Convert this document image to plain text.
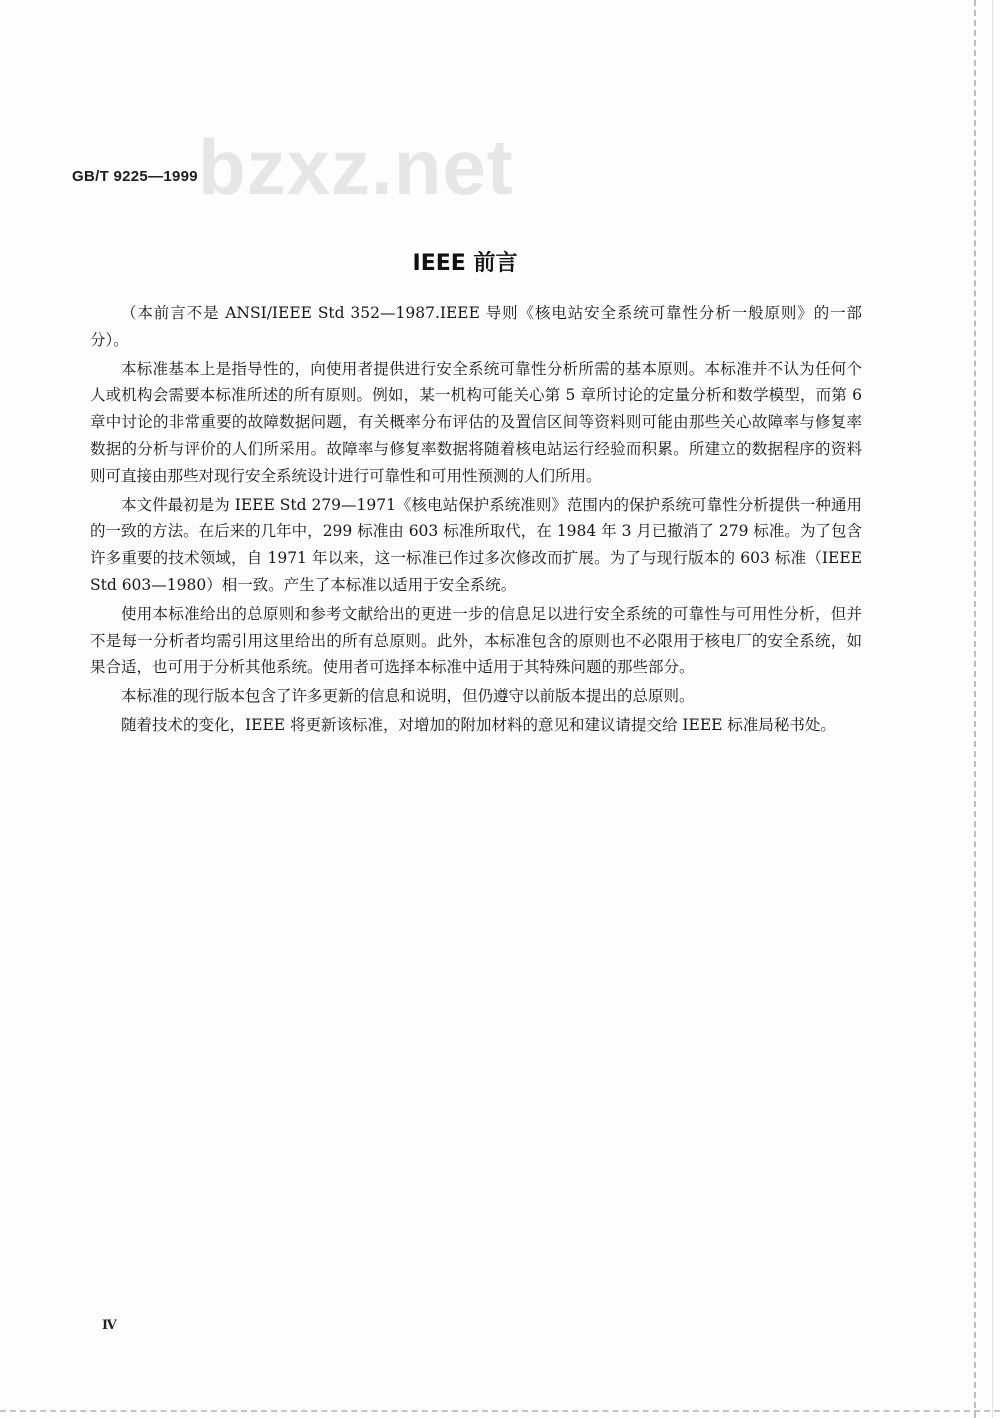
bzxz.net
GB/T 9225—1999
IEEE 前言

（本前言不是 ANSI/IEEE Std 352—1987.IEEE 导则《核电站安全系统可靠性分析一般原则》的一部分）。

本标准基本上是指导性的，向使用者提供进行安全系统可靠性分析所需的基本原则。本标准并不认为任何个人或机构会需要本标准所述的所有原则。例如，某一机构可能关心第 5 章所讨论的定量分析和数学模型，而第 6 章中讨论的非常重要的故障数据问题，有关概率分布评估的及置信区间等资料则可能由那些关心故障率与修复率数据的分析与评价的人们所采用。故障率与修复率数据将随着核电站运行经验而积累。所建立的数据程序的资料则可直接由那些对现行安全系统设计进行可靠性和可用性预测的人们所用。

本文件最初是为 IEEE Std 279—1971《核电站保护系统准则》范围内的保护系统可靠性分析提供一种通用的一致的方法。在后来的几年中，299 标准由 603 标准所取代，在 1984 年 3 月已撤消了 279 标准。为了包含许多重要的技术领域，自 1971 年以来，这一标准已作过多次修改而扩展。为了与现行版本的 603 标准（IEEE Std 603—1980）相一致。产生了本标准以适用于安全系统。

使用本标准给出的总原则和参考文献给出的更进一步的信息足以进行安全系统的可靠性与可用性分析，但并不是每一分析者均需引用这里给出的所有总原则。此外，本标准包含的原则也不必限用于核电厂的安全系统，如果合适，也可用于分析其他系统。使用者可选择本标准中适用于其特殊问题的那些部分。

本标准的现行版本包含了许多更新的信息和说明，但仍遵守以前版本提出的总原则。

随着技术的变化，IEEE 将更新该标准，对增加的附加材料的意见和建议请提交给 IEEE 标准局秘书处。

Ⅳ
